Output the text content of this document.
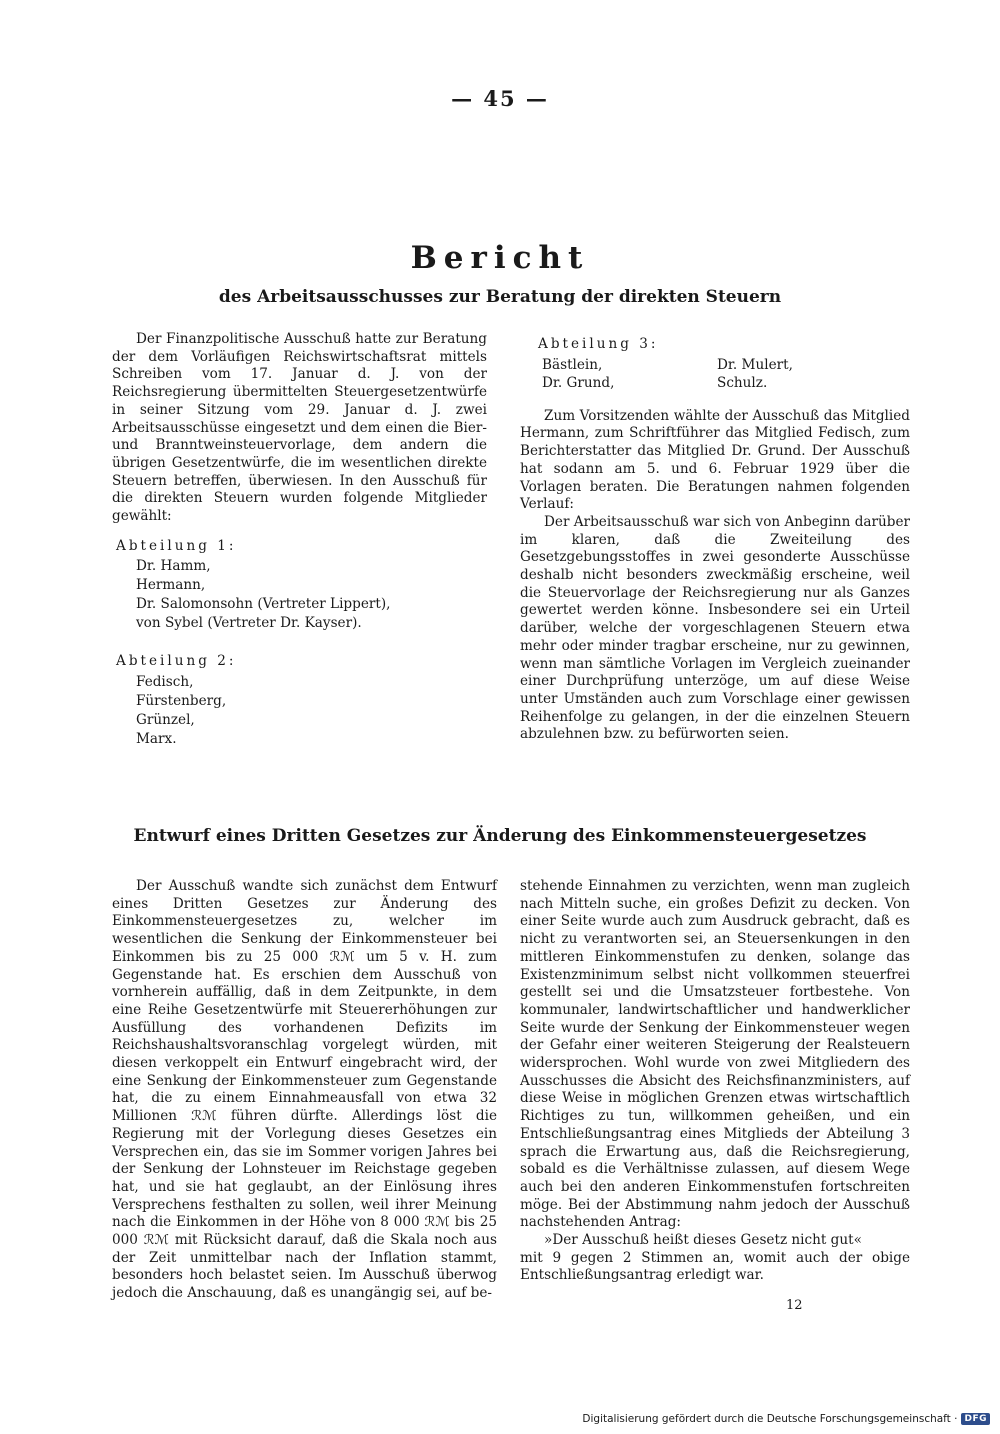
— 45 —
Bericht
des Arbeitsausschusses zur Beratung der direkten Steuern

Der Finanzpolitische Ausschuß hatte zur Beratung der dem Vorläufigen Reichswirtschaftsrat mittels Schreiben vom 17. Januar d. J. von der Reichsregierung übermittelten Steuergesetzentwürfe in seiner Sitzung vom 29. Januar d. J. zwei Arbeitsausschüsse eingesetzt und dem einen die Bier- und Branntweinsteuervorlage, dem andern die übrigen Gesetzentwürfe, die im wesentlichen direkte Steuern betreffen, überwiesen. In den Ausschuß für die direkten Steuern wurden folgende Mitglieder gewählt:

Abteilung 1:

Dr. Hamm,
Hermann,
Dr. Salomonsohn (Vertreter Lippert),
von Sybel (Vertreter Dr. Kayser).

Abteilung 2:

Fedisch,
Fürstenberg,
Grünzel,
Marx.

Abteilung 3:

Bästlein,	Dr. Mulert,
Dr. Grund,	Schulz.

Zum Vorsitzenden wählte der Ausschuß das Mitglied Hermann, zum Schriftführer das Mitglied Fedisch, zum Berichterstatter das Mitglied Dr. Grund. Der Ausschuß hat sodann am 5. und 6. Februar 1929 über die Vorlagen beraten. Die Beratungen nahmen folgenden Verlauf:

Der Arbeitsausschuß war sich von Anbeginn darüber im klaren, daß die Zweiteilung des Gesetzgebungsstoffes in zwei gesonderte Ausschüsse deshalb nicht besonders zweckmäßig erscheine, weil die Steuervorlage der Reichsregierung nur als Ganzes gewertet werden könne. Insbesondere sei ein Urteil darüber, welche der vorgeschlagenen Steuern etwa mehr oder minder tragbar erscheine, nur zu gewinnen, wenn man sämtliche Vorlagen im Vergleich zueinander einer Durchprüfung unterzöge, um auf diese Weise unter Umständen auch zum Vorschlage einer gewissen Reihenfolge zu gelangen, in der die einzelnen Steuern abzulehnen bzw. zu befürworten seien.

Entwurf eines Dritten Gesetzes zur Änderung des Einkommensteuergesetzes

Der Ausschuß wandte sich zunächst dem Entwurf eines Dritten Gesetzes zur Änderung des Einkommensteuergesetzes zu, welcher im wesentlichen die Senkung der Einkommensteuer bei Einkommen bis zu 25 000 ℛℳ um 5 v. H. zum Gegenstande hat. Es erschien dem Ausschuß von vornherein auffällig, daß in dem Zeitpunkte, in dem eine Reihe Gesetzentwürfe mit Steuererhöhungen zur Ausfüllung des vorhandenen Defizits im Reichshaushaltsvoranschlag vorgelegt würden, mit diesen verkoppelt ein Entwurf eingebracht wird, der eine Senkung der Einkommensteuer zum Gegenstande hat, die zu einem Einnahmeausfall von etwa 32 Millionen ℛℳ führen dürfte. Allerdings löst die Regierung mit der Vorlegung dieses Gesetzes ein Versprechen ein, das sie im Sommer vorigen Jahres bei der Senkung der Lohnsteuer im Reichstage gegeben hat, und sie hat geglaubt, an der Einlösung ihres Versprechens festhalten zu sollen, weil ihrer Meinung nach die Einkommen in der Höhe von 8 000 ℛℳ bis 25 000 ℛℳ mit Rücksicht darauf, daß die Skala noch aus der Zeit unmittelbar nach der Inflation stammt, besonders hoch belastet seien. Im Ausschuß überwog jedoch die Anschauung, daß es unangängig sei, auf be-

stehende Einnahmen zu verzichten, wenn man zugleich nach Mitteln suche, ein großes Defizit zu decken. Von einer Seite wurde auch zum Ausdruck gebracht, daß es nicht zu verantworten sei, an Steuersenkungen in den mittleren Einkommenstufen zu denken, solange das Existenzminimum selbst nicht vollkommen steuerfrei gestellt sei und die Umsatzsteuer fortbestehe. Von kommunaler, landwirtschaftlicher und handwerklicher Seite wurde der Senkung der Einkommensteuer wegen der Gefahr einer weiteren Steigerung der Realsteuern widersprochen. Wohl wurde von zwei Mitgliedern des Ausschusses die Absicht des Reichsfinanzministers, auf diese Weise in möglichen Grenzen etwas wirtschaftlich Richtiges zu tun, willkommen geheißen, und ein Entschließungsantrag eines Mitglieds der Abteilung 3 sprach die Erwartung aus, daß die Reichsregierung, sobald es die Verhältnisse zulassen, auf diesem Wege auch bei den anderen Einkommenstufen fortschreiten möge. Bei der Abstimmung nahm jedoch der Ausschuß nachstehenden Antrag:

»Der Ausschuß heißt dieses Gesetz nicht gut«

mit 9 gegen 2 Stimmen an, womit auch der obige Entschließungsantrag erledigt war.

12
Digitalisierung gefördert durch die Deutsche Forschungsgemeinschaft · DFG
